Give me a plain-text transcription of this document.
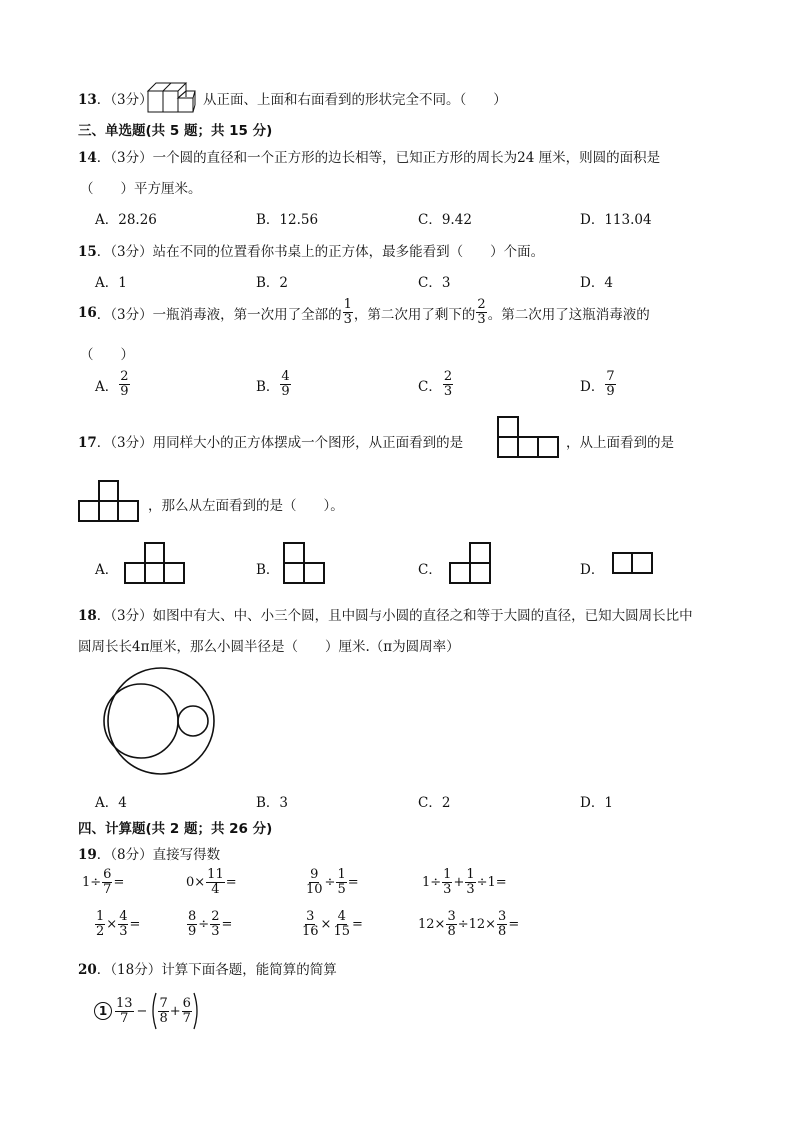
13．（3分）	从正面、上面和右面看到的形状完全不同。（　　）
三、单选题(共 5 题；共 15 分)
14．（3分）一个圆的直径和一个正方形的边长相等，已知正方形的周长为24 厘米，则圆的面积是
（　　）平方厘米。
A．28.26	B．12.56	C．9.42	D．113.04
15．（3分）站在不同的位置看你书桌上的正方体，最多能看到（　　）个面。
A．1	B．2	C．3	D．4
16 ．（3分） 一瓶消毒液，第一次用了全部的 $\frac{1}{3}$ ，第二次用了剩下的 $\frac{2}{3}$ 。第二次用了这瓶消毒液的
（　　）
A． $\frac{2}{9}$	B． $\frac{4}{9}$	C． $\frac{2}{3}$	D． $\frac{7}{9}$
17．（3分）用同样大小的正方体摆成一个图形，从正面看到的是	，从上面看到的是
，那么从左面看到的是（　　）。
A．	B．	C．	D．
18．（3分）如图中有大、中、小三个圆，且中圆与小圆的直径之和等于大圆的直径，已知大圆周长比中
圆周长长4π厘米，那么小圆半径是（　　）厘米.（π为圆周率）
A．4	B．3	C．2	D．1
四、计算题(共 2 题；共 26 分)
19．（8分）直接写得数
$1\div \frac{6}{7}$ =	$0\times \frac{11}{4}$ =	$\frac{9}{10} \div \frac{1}{5}$ =	$1\div \frac{1}{3} + \frac{1}{3} \div 1=$
$\frac{1}{2} \times \frac{4}{3}$ =	$\frac{8}{9} \div \frac{2}{3}$ =	$\frac{3}{16} \times \frac{4}{15}$ =	$12\times \frac{3}{8} \div 12\times \frac{3}{8}$ =
20．（18分）计算下面各题，能简算的简算
$1 \frac{13}{7} - \frac{7}{8} + \frac{6}{7}$
